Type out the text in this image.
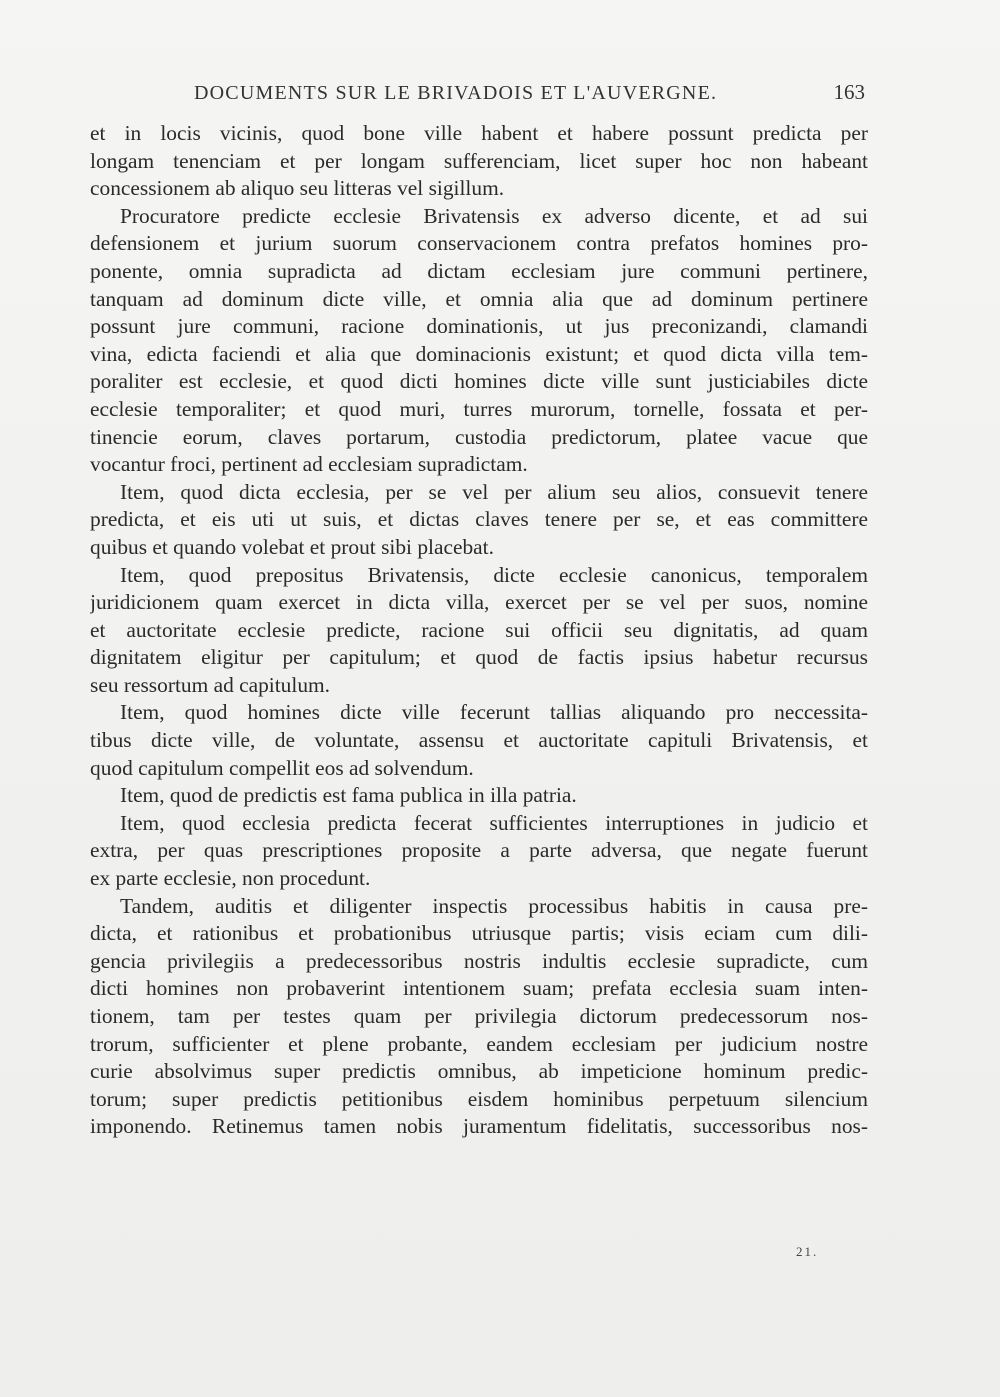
DOCUMENTS SUR LE BRIVADOIS ET L'AUVERGNE.	163
et in locis vicinis, quod bone ville habent et habere possunt predicta per
longam tenenciam et per longam sufferenciam, licet super hoc non habeant
concessionem ab aliquo seu litteras vel sigillum.
Procuratore predicte ecclesie Brivatensis ex adverso dicente, et ad sui
defensionem et jurium suorum conservacionem contra prefatos homines pro-
ponente, omnia supradicta ad dictam ecclesiam jure communi pertinere,
tanquam ad dominum dicte ville, et omnia alia que ad dominum pertinere
possunt jure communi, racione dominationis, ut jus preconizandi, clamandi
vina, edicta faciendi et alia que dominacionis existunt; et quod dicta villa tem-
poraliter est ecclesie, et quod dicti homines dicte ville sunt justiciabiles dicte
ecclesie temporaliter; et quod muri, turres murorum, tornelle, fossata et per-
tinencie eorum, claves portarum, custodia predictorum, platee vacue que
vocantur froci, pertinent ad ecclesiam supradictam.
Item, quod dicta ecclesia, per se vel per alium seu alios, consuevit tenere
predicta, et eis uti ut suis, et dictas claves tenere per se, et eas committere
quibus et quando volebat et prout sibi placebat.
Item, quod prepositus Brivatensis, dicte ecclesie canonicus, temporalem
juridicionem quam exercet in dicta villa, exercet per se vel per suos, nomine
et auctoritate ecclesie predicte, racione sui officii seu dignitatis, ad quam
dignitatem eligitur per capitulum; et quod de factis ipsius habetur recursus
seu ressortum ad capitulum.
Item, quod homines dicte ville fecerunt tallias aliquando pro neccessita-
tibus dicte ville, de voluntate, assensu et auctoritate capituli Brivatensis, et
quod capitulum compellit eos ad solvendum.
Item, quod de predictis est fama publica in illa patria.
Item, quod ecclesia predicta fecerat sufficientes interruptiones in judicio et
extra, per quas prescriptiones proposite a parte adversa, que negate fuerunt
ex parte ecclesie, non procedunt.
Tandem, auditis et diligenter inspectis processibus habitis in causa pre-
dicta, et rationibus et probationibus utriusque partis; visis eciam cum dili-
gencia privilegiis a predecessoribus nostris indultis ecclesie supradicte, cum
dicti homines non probaverint intentionem suam; prefata ecclesia suam inten-
tionem, tam per testes quam per privilegia dictorum predecessorum nos-
trorum, sufficienter et plene probante, eandem ecclesiam per judicium nostre
curie absolvimus super predictis omnibus, ab impeticione hominum predic-
torum; super predictis petitionibus eisdem hominibus perpetuum silencium
imponendo. Retinemus tamen nobis juramentum fidelitatis, successoribus nos-
21.
